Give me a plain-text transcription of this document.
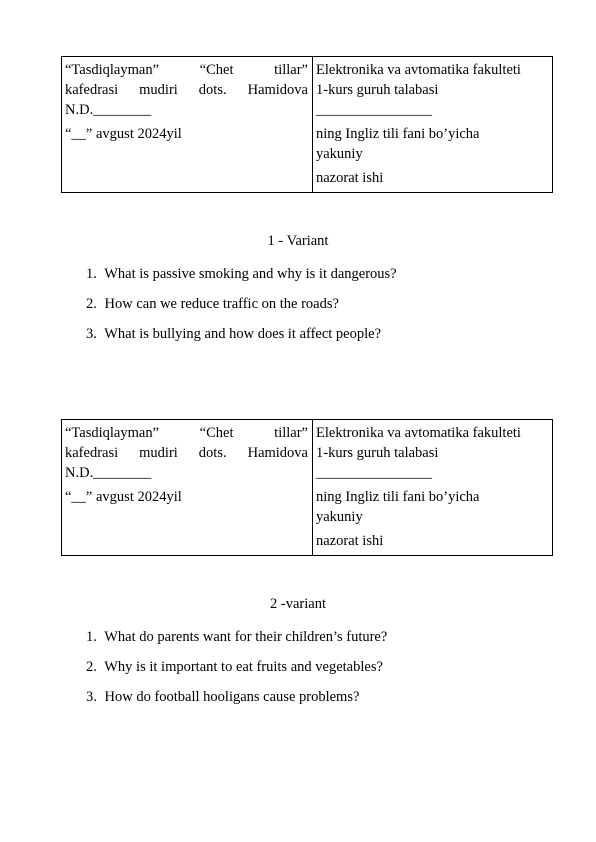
“Tasdiqlayman” “Chet tillar”
kafedrasi mudiri dots. Hamidova
N.D.________
“__” avgust 2024yil

Elektronika va avtomatika fakulteti
1-kurs guruh talabasi
________________
ning Ingliz tili fani bo’yicha
yakuniy
nazorat ishi
1 - Variant
1. What is passive smoking and why is it dangerous?
2. How can we reduce traffic on the roads?
3. What is bullying and how does it affect people?
“Tasdiqlayman” “Chet tillar”
kafedrasi mudiri dots. Hamidova
N.D.________
“__” avgust 2024yil

Elektronika va avtomatika fakulteti
1-kurs guruh talabasi
________________
ning Ingliz tili fani bo’yicha
yakuniy
nazorat ishi
2 -variant
1. What do parents want for their children’s future?
2. Why is it important to eat fruits and vegetables?
3. How do football hooligans cause problems?
